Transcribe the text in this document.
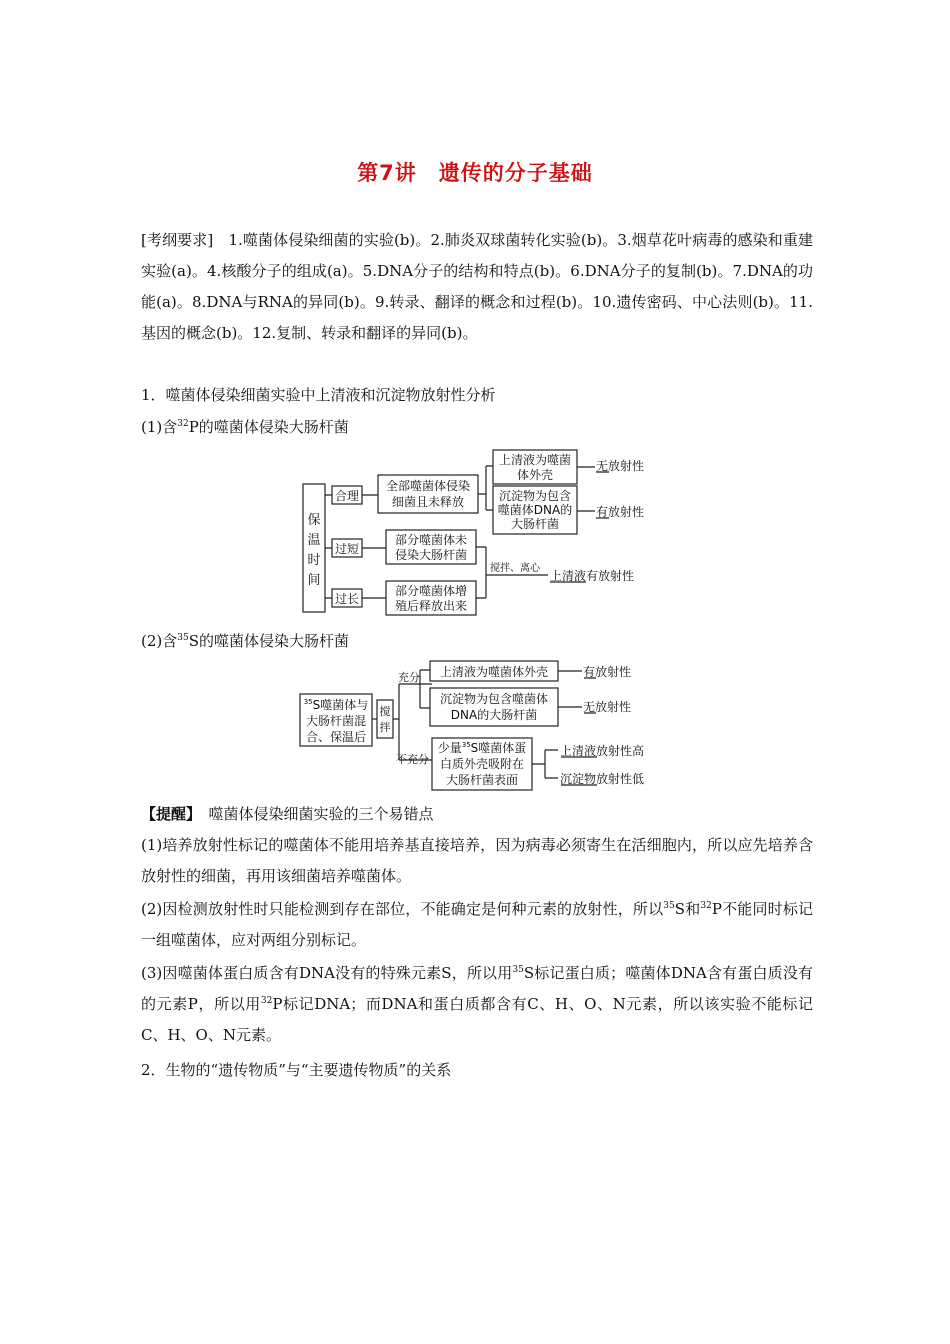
第7讲　遗传的分子基础
[考纲要求]　1.噬菌体侵染细菌的实验(b)。2.肺炎双球菌转化实验(b)。3.烟草花叶病毒的感染和重建实验(a)。4.核酸分子的组成(a)。5.DNA分子的结构和特点(b)。6.DNA分子的复制(b)。7.DNA的功能(a)。8.DNA与RNA的异同(b)。9.转录、翻译的概念和过程(b)。10.遗传密码、中心法则(b)。11.基因的概念(b)。12.复制、转录和翻译的异同(b)。
1．噬菌体侵染细菌实验中上清液和沉淀物放射性分析
(1)含$^{32}$P的噬菌体侵染大肠杆菌
保
温
时
间
合理
过短
过长
全部噬菌体侵染
细菌且未释放
上清液为噬菌
体外壳
沉淀物为包含
噬菌体DNA的
大肠杆菌
无放射性
有放射性
部分噬菌体未
侵染大肠杆菌
部分噬菌体增
殖后释放出来
搅拌、离心
上清液有放射性
(2)含$^{35}$S的噬菌体侵染大肠杆菌
$^{35}$S噬菌体与
大肠杆菌混
合、保温后
搅
拌
充分
不充分
上清液为噬菌体外壳
沉淀物为包含噬菌体
DNA的大肠杆菌
有放射性
无放射性
少量$^{35}$S噬菌体蛋
白质外壳吸附在
大肠杆菌表面
上清液放射性高
沉淀物放射性低
【提醒】　噬菌体侵染细菌实验的三个易错点
(1)培养放射性标记的噬菌体不能用培养基直接培养，因为病毒必须寄生在活细胞内，所以应先培养含放射性的细菌，再用该细菌培养噬菌体。
(2)因检测放射性时只能检测到存在部位，不能确定是何种元素的放射性，所以$^{35}$S和$^{32}$P不能同时标记一组噬菌体，应对两组分别标记。
(3)因噬菌体蛋白质含有DNA没有的特殊元素S，所以用$^{35}$S标记蛋白质；噬菌体DNA含有蛋白质没有的元素P，所以用$^{32}$P标记DNA；而DNA和蛋白质都含有C、H、O、N元素，所以该实验不能标记C、H、O、N元素。
2．生物的“遗传物质”与“主要遗传物质”的关系
